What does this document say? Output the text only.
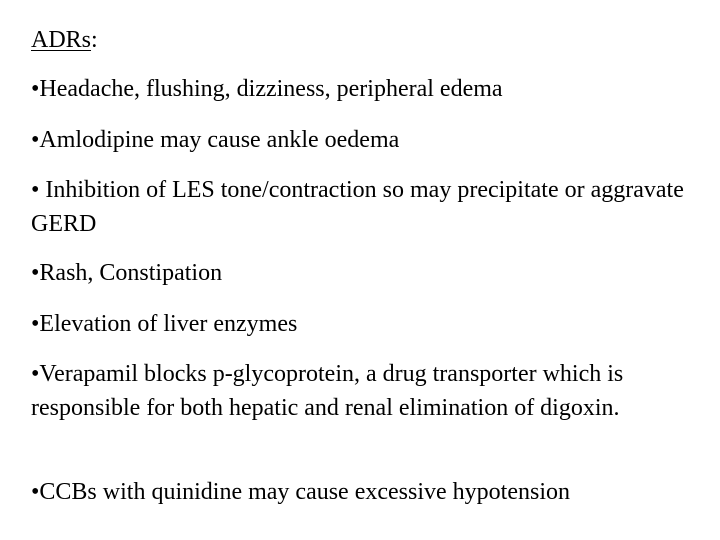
ADRs:

•Headache, flushing, dizziness, peripheral edema

•Amlodipine may cause ankle oedema

• Inhibition of LES tone/contraction so may precipitate or aggravate GERD

•Rash, Constipation

•Elevation of liver enzymes

•Verapamil blocks p-glycoprotein, a drug transporter which is responsible for both hepatic and renal elimination of digoxin.

•CCBs with quinidine may cause excessive hypotension
